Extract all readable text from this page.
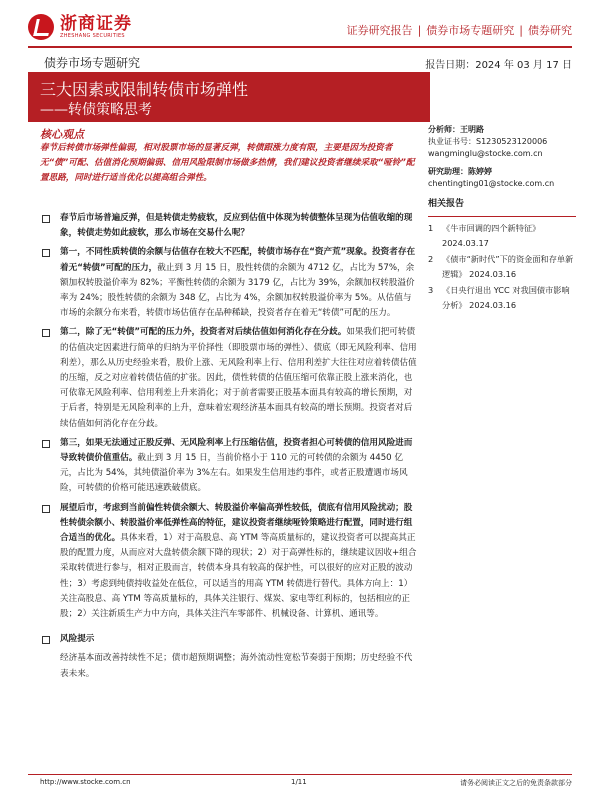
浙商证券
ZHESHANG SECURITIES	证券研究报告 | 债券市场专题研究 | 债券研究
债券市场专题研究	报告日期：2024 年 03 月 17 日
三大因素或限制转债市场弹性
——转债策略思考
核心观点
春节后转债市场弹性偏弱，相对股票市场的显著反弹，转债跟涨力度有限，主要是因为投资者无“债”可配、估值消化预期偏弱、信用风险限制市场做多热情，我们建议投资者继续采取“哑铃”配置思路，同时进行适当优化以提高组合弹性。
春节后市场普遍反弹，但是转债走势疲软，反应到估值中体现为转债整体呈现为估值收缩的现象，转债走势如此疲软，那么市场在交易什么呢？
第一，不同性质转债的余额与估值存在较大不匹配，转债市场存在“资产荒”现象。投资者存在着无“转债”可配的压力，截止到 3 月 15 日，股性转债的余额为 4712 亿，占比为 57%，余额加权转股溢价率为 82%；平衡性转债的余额为 3179 亿，占比为 39%，余额加权转股溢价率为 24%；股性转债的余额为 348 亿，占比为 4%，余额加权转股溢价率为 5%。从估值与市场的余额分布来看，转债市场估值存在品种稀缺，投资者存在着无“转债”可配的压力。
第二，除了无“转债”可配的压力外，投资者对后续估值如何消化存在分歧。如果我们把可转债的估值决定因素进行简单的归纳为平价择性（即股票市场的弹性）、债底（即无风险利率、信用利差），那么从历史经验来看，股价上涨、无风险利率上行、信用利差扩大往往对应着转债估值的压缩，反之对应着转债估值的扩张。因此，债性转债的估值压缩可依靠正股上涨来消化，也可依靠无风险利率、信用利差上升来消化；对于前者需要正股基本面具有较高的增长预期，对于后者，特别是无风险利率的上升，意味着宏观经济基本面具有较高的增长预期。投资者对后续估值如何消化存在分歧。
第三，如果无法通过正股反弹、无风险利率上行压缩估值，投资者担心可转债的信用风险进而导致转债价值重估。截止到 3 月 15 日，当前价格小于 110 元的可转债的余额为 4450 亿元，占比为 54%，其纯债溢价率为 3%左右。如果发生信用违约事件，或者正股遭遇市场风险，可转债的价格可能迅速跌破债底。
展望后市，考虑到当前偏性转债余额大、转股溢价率偏高弹性较低，债底有信用风险扰动；股性转债余额小、转股溢价率低弹性高的特征，建议投资者继续哑铃策略进行配置，同时进行组合适当的优化。具体来看，1）对于高股息、高 YTM 等高质量标的，建议投资者可以提高其正股的配置力度，从而应对大盘转债余额下降的现状；2）对于高弹性标的，继续建议因收+组合采取转债进行参与，相对正股而言，转债本身具有较高的保护性，可以很好的应对正股的波动性；3）考虑到纯债持收益处在低位，可以适当的用高 YTM 转债进行替代。具体方向上：1）关注高股息、高 YTM 等高质量标的，具体关注银行、煤炭、家电等红利标的，包括相应的正股；2）关注新质生产力中方向，具体关注汽车零部件、机械设备、计算机、通讯等。
风险提示
经济基本面改善持续性不足；债市超预期调整；海外流动性宽松节奏弱于预期；历史经验不代表未来。
分析师：王明路
执业证书号：S1230523120006
wangminglu@stocke.com.cn
研究助理：陈婷婷
chentingting01@stocke.com.cn
相关报告
1	《牛市回调的四个新特征》 2024.03.17
2	《债市“新时代”下的资金面和存单新逻辑》 2024.03.16
3	《日央行退出 YCC 对我国债市影响分析》 2024.03.16
http://www.stocke.com.cn	1/11	请务必阅读正文之后的免责条款部分
